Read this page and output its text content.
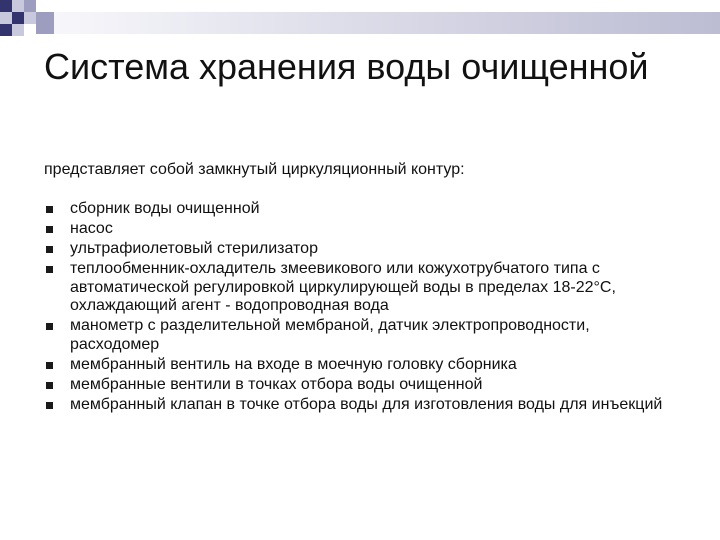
Система хранения воды очищенной
представляет собой замкнутый циркуляционный контур:
сборник воды очищенной
насос
ультрафиолетовый стерилизатор
теплообменник-охладитель змеевикового или кожухотрубчатого типа с автоматической регулировкой циркулирующей воды в пределах 18-22°С, охлаждающий агент - водопроводная вода
манометр с разделительной мембраной, датчик электропроводности, расходомер
мембранный вентиль на входе в моечную головку сборника
мембранные вентили в точках отбора воды очищенной
мембранный клапан в точке отбора воды для изготовления воды для инъекций
